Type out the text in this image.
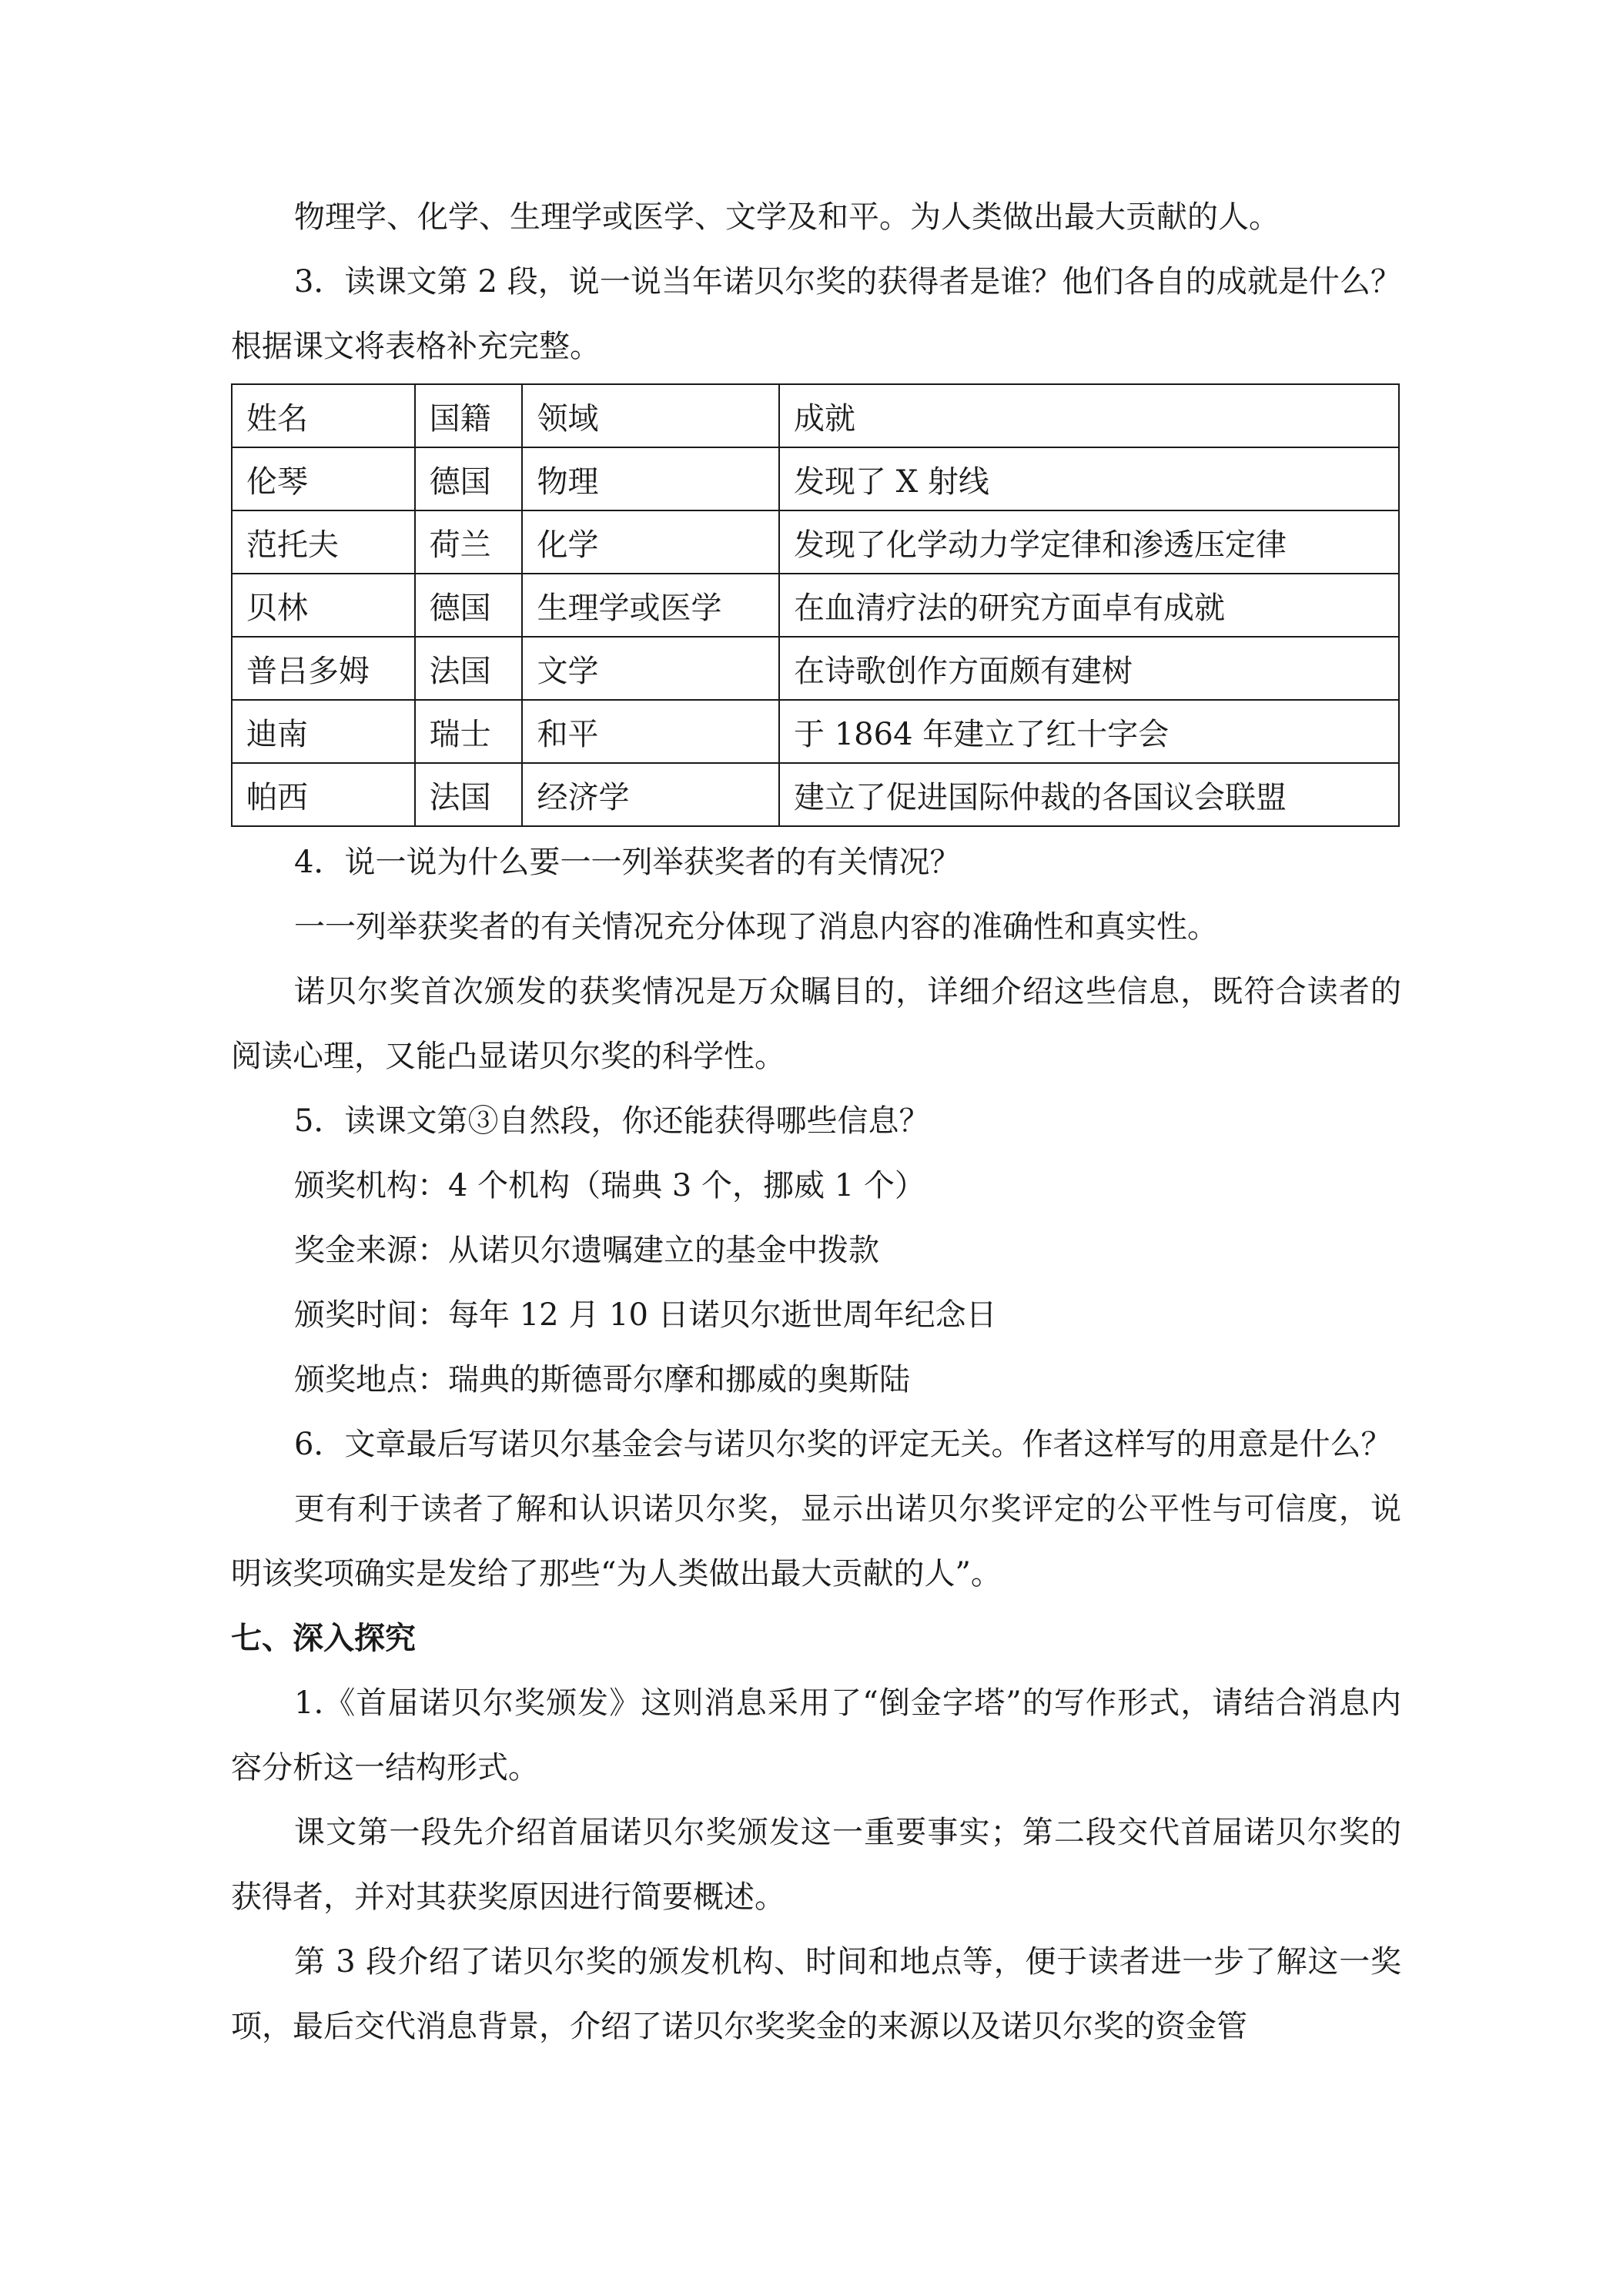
物理学、化学、生理学或医学、文学及和平。为人类做出最大贡献的人。

3．读课文第 2 段，说一说当年诺贝尔奖的获得者是谁？他们各自的成就是什么？根据课文将表格补充完整。

姓名	国籍	领域	成就
伦琴	德国	物理	发现了 X 射线
范托夫	荷兰	化学	发现了化学动力学定律和渗透压定律
贝林	德国	生理学或医学	在血清疗法的研究方面卓有成就
普吕多姆	法国	文学	在诗歌创作方面颇有建树
迪南	瑞士	和平	于 1864 年建立了红十字会
帕西	法国	经济学	建立了促进国际仲裁的各国议会联盟

4．说一说为什么要一一列举获奖者的有关情况？

一一列举获奖者的有关情况充分体现了消息内容的准确性和真实性。

诺贝尔奖首次颁发的获奖情况是万众瞩目的，详细介绍这些信息，既符合读者的阅读心理，又能凸显诺贝尔奖的科学性。

5．读课文第③自然段，你还能获得哪些信息？

颁奖机构：4 个机构（瑞典 3 个，挪威 1 个）

奖金来源：从诺贝尔遗嘱建立的基金中拨款

颁奖时间：每年 12 月 10 日诺贝尔逝世周年纪念日

颁奖地点：瑞典的斯德哥尔摩和挪威的奥斯陆

6．文章最后写诺贝尔基金会与诺贝尔奖的评定无关。作者这样写的用意是什么？

更有利于读者了解和认识诺贝尔奖，显示出诺贝尔奖评定的公平性与可信度，说明该奖项确实是发给了那些“为人类做出最大贡献的人”。

七、深入探究

1.《首届诺贝尔奖颁发》这则消息采用了“倒金字塔”的写作形式，请结合消息内容分析这一结构形式。

课文第一段先介绍首届诺贝尔奖颁发这一重要事实；第二段交代首届诺贝尔奖的获得者，并对其获奖原因进行简要概述。

第 3 段介绍了诺贝尔奖的颁发机构、时间和地点等，便于读者进一步了解这一奖项，最后交代消息背景，介绍了诺贝尔奖奖金的来源以及诺贝尔奖的资金管
